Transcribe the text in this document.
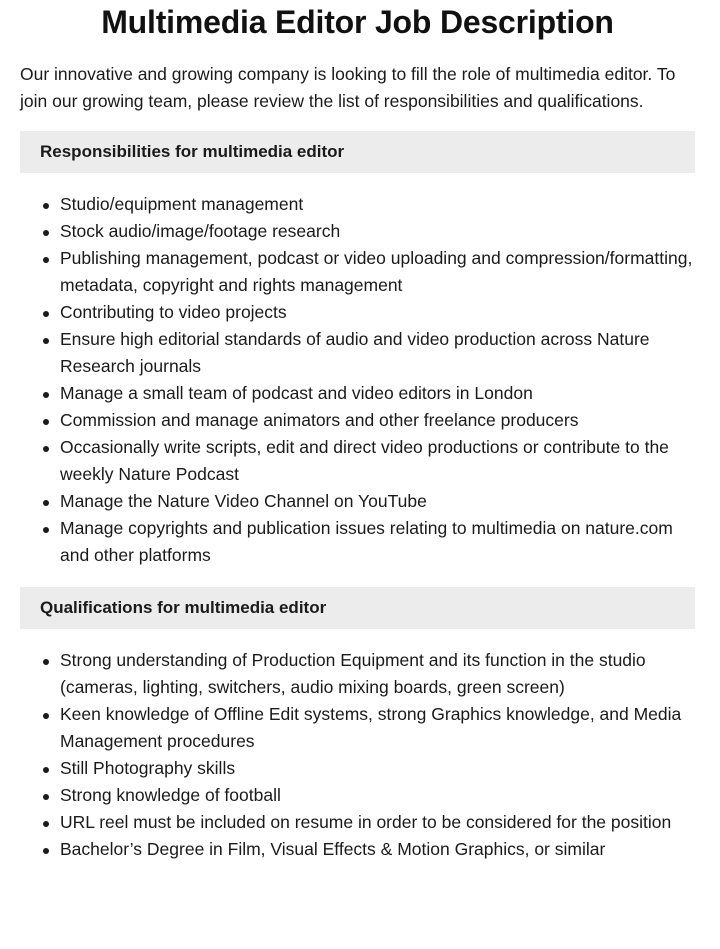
Multimedia Editor Job Description

Our innovative and growing company is looking to fill the role of multimedia editor. To join our growing team, please review the list of responsibilities and qualifications.

Responsibilities for multimedia editor
Studio/equipment management
Stock audio/image/footage research
Publishing management, podcast or video uploading and compression/formatting, metadata, copyright and rights management
Contributing to video projects
Ensure high editorial standards of audio and video production across Nature Research journals
Manage a small team of podcast and video editors in London
Commission and manage animators and other freelance producers
Occasionally write scripts, edit and direct video productions or contribute to the weekly Nature Podcast
Manage the Nature Video Channel on YouTube
Manage copyrights and publication issues relating to multimedia on nature.com and other platforms
Qualifications for multimedia editor
Strong understanding of Production Equipment and its function in the studio (cameras, lighting, switchers, audio mixing boards, green screen)
Keen knowledge of Offline Edit systems, strong Graphics knowledge, and Media Management procedures
Still Photography skills
Strong knowledge of football
URL reel must be included on resume in order to be considered for the position
Bachelor’s Degree in Film, Visual Effects & Motion Graphics, or similar
